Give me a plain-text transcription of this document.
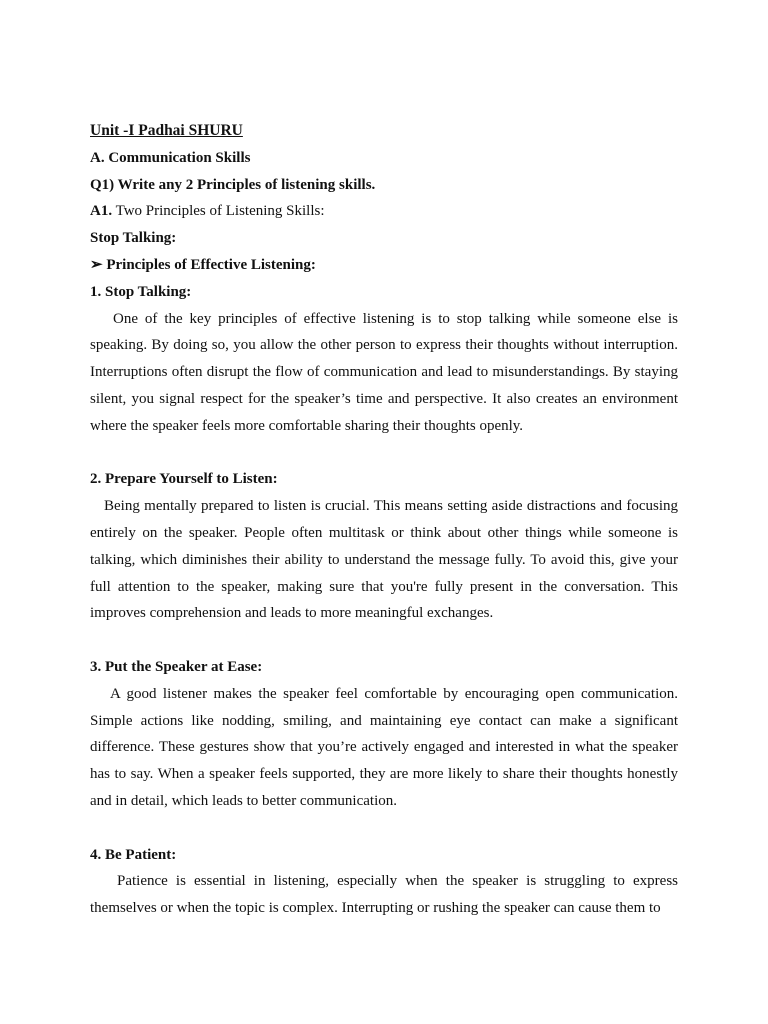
Unit -I Padhai SHURU
A. Communication Skills
Q1) Write any 2 Principles of listening skills.
A1. Two Principles of Listening Skills:
Stop Talking:
➢ Principles of Effective Listening:
1. Stop Talking:

One of the key principles of effective listening is to stop talking while someone else is speaking. By doing so, you allow the other person to express their thoughts without interruption. Interruptions often disrupt the flow of communication and lead to misunderstandings. By staying silent, you signal respect for the speaker’s time and perspective. It also creates an environment where the speaker feels more comfortable sharing their thoughts openly.

2. Prepare Yourself to Listen:

Being mentally prepared to listen is crucial. This means setting aside distractions and focusing entirely on the speaker. People often multitask or think about other things while someone is talking, which diminishes their ability to understand the message fully. To avoid this, give your full attention to the speaker, making sure that you're fully present in the conversation. This improves comprehension and leads to more meaningful exchanges.

3. Put the Speaker at Ease:

A good listener makes the speaker feel comfortable by encouraging open communication. Simple actions like nodding, smiling, and maintaining eye contact can make a significant difference. These gestures show that you’re actively engaged and interested in what the speaker has to say. When a speaker feels supported, they are more likely to share their thoughts honestly and in detail, which leads to better communication.

4. Be Patient:

Patience is essential in listening, especially when the speaker is struggling to express themselves or when the topic is complex. Interrupting or rushing the speaker can cause them to
